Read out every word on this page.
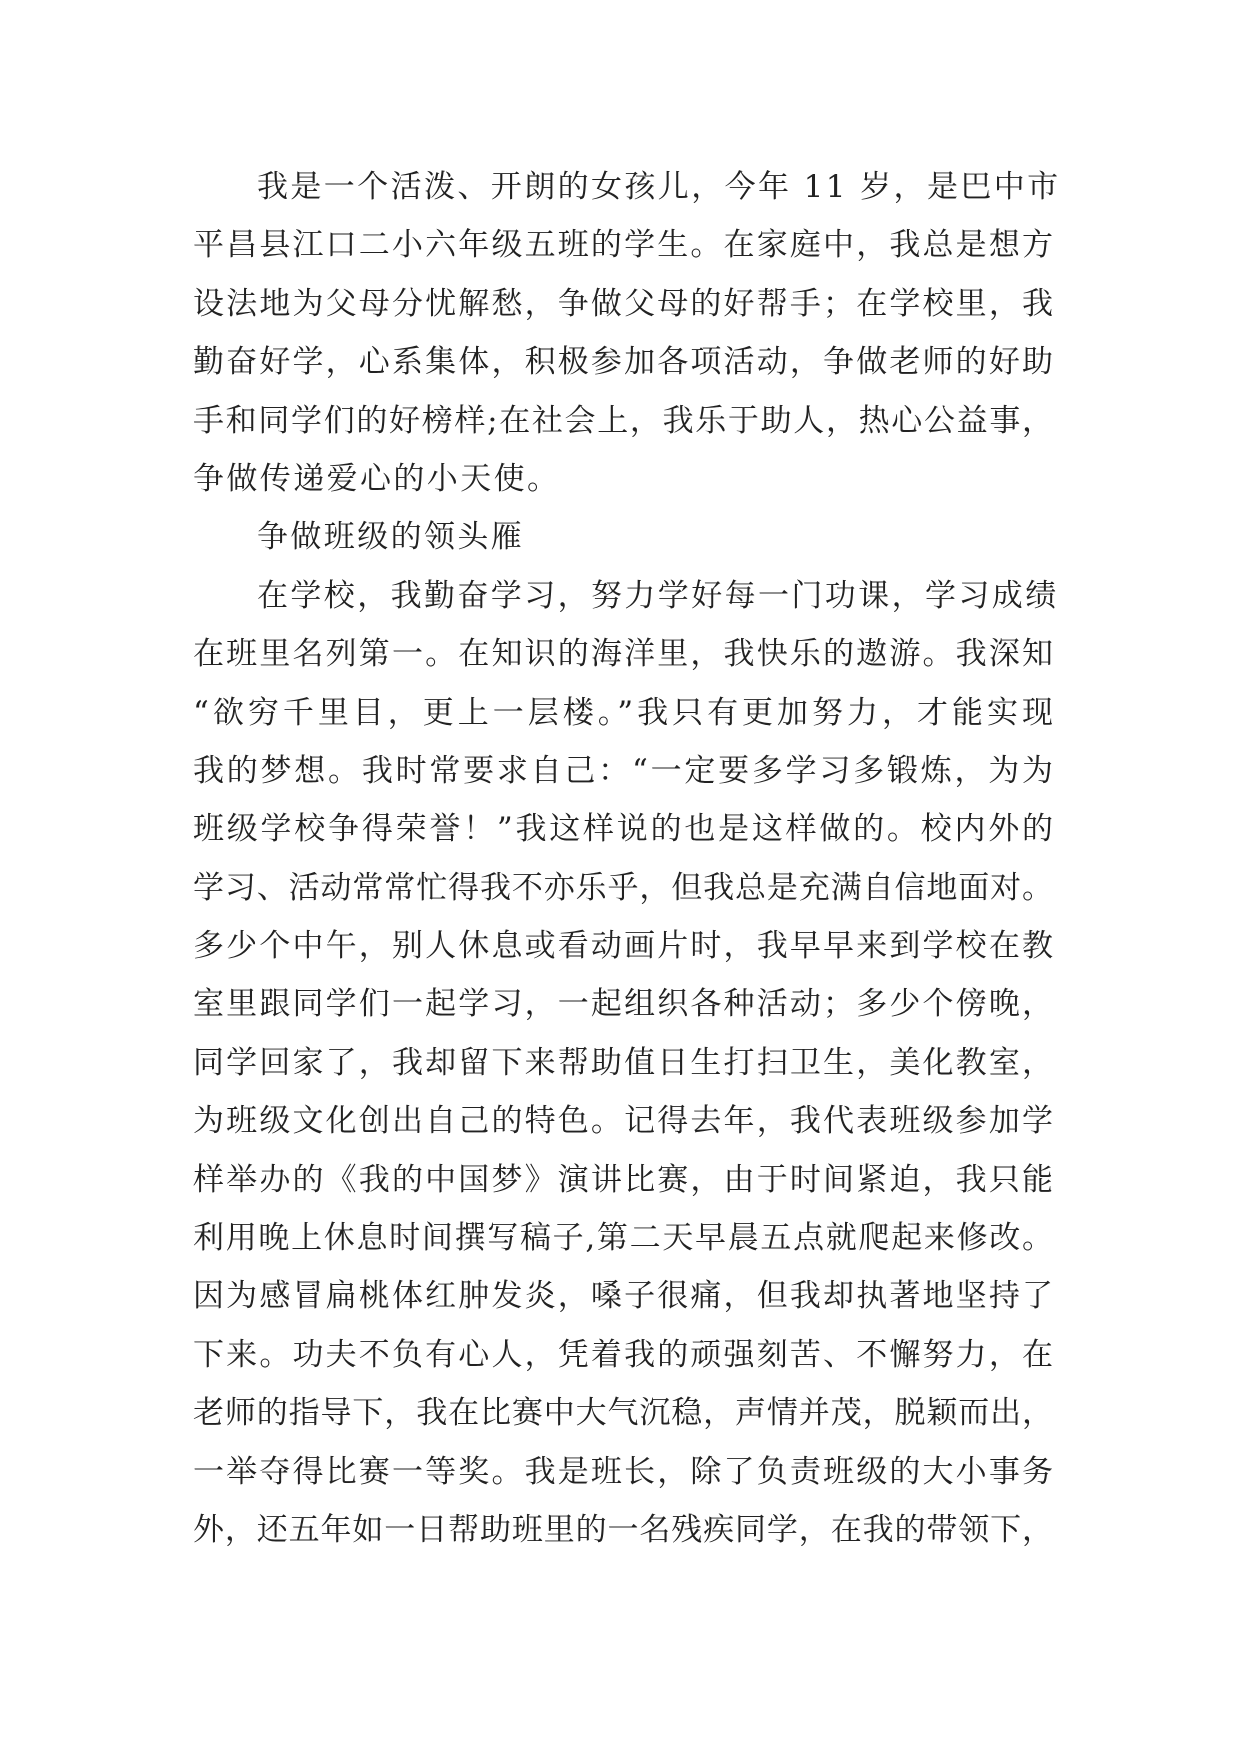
我是一个活泼、开朗的女孩儿，今年 11 岁，是巴中市
平昌县江口二小六年级五班的学生。在家庭中，我总是想方
设法地为父母分忧解愁，争做父母的好帮手；在学校里，我
勤奋好学，心系集体，积极参加各项活动，争做老师的好助
手和同学们的好榜样;在社会上，我乐于助人，热心公益事，
争做传递爱心的小天使。
争做班级的领头雁
在学校，我勤奋学习，努力学好每一门功课，学习成绩
在班里名列第一。在知识的海洋里，我快乐的遨游。我深知
“欲穷千里目，更上一层楼。”我只有更加努力，才能实现
我的梦想。我时常要求自己：“一定要多学习多锻炼，为为
班级学校争得荣誉！”我这样说的也是这样做的。校内外的
学习、活动常常忙得我不亦乐乎，但我总是充满自信地面对。
多少个中午，别人休息或看动画片时，我早早来到学校在教
室里跟同学们一起学习，一起组织各种活动；多少个傍晚，
同学回家了，我却留下来帮助值日生打扫卫生，美化教室，
为班级文化创出自己的特色。记得去年，我代表班级参加学
样举办的《我的中国梦》演讲比赛，由于时间紧迫，我只能
利用晚上休息时间撰写稿子,第二天早晨五点就爬起来修改。
因为感冒扁桃体红肿发炎，嗓子很痛，但我却执著地坚持了
下来。功夫不负有心人，凭着我的顽强刻苦、不懈努力，在
老师的指导下，我在比赛中大气沉稳，声情并茂，脱颖而出，
一举夺得比赛一等奖。我是班长，除了负责班级的大小事务
外，还五年如一日帮助班里的一名残疾同学，在我的带领下，
